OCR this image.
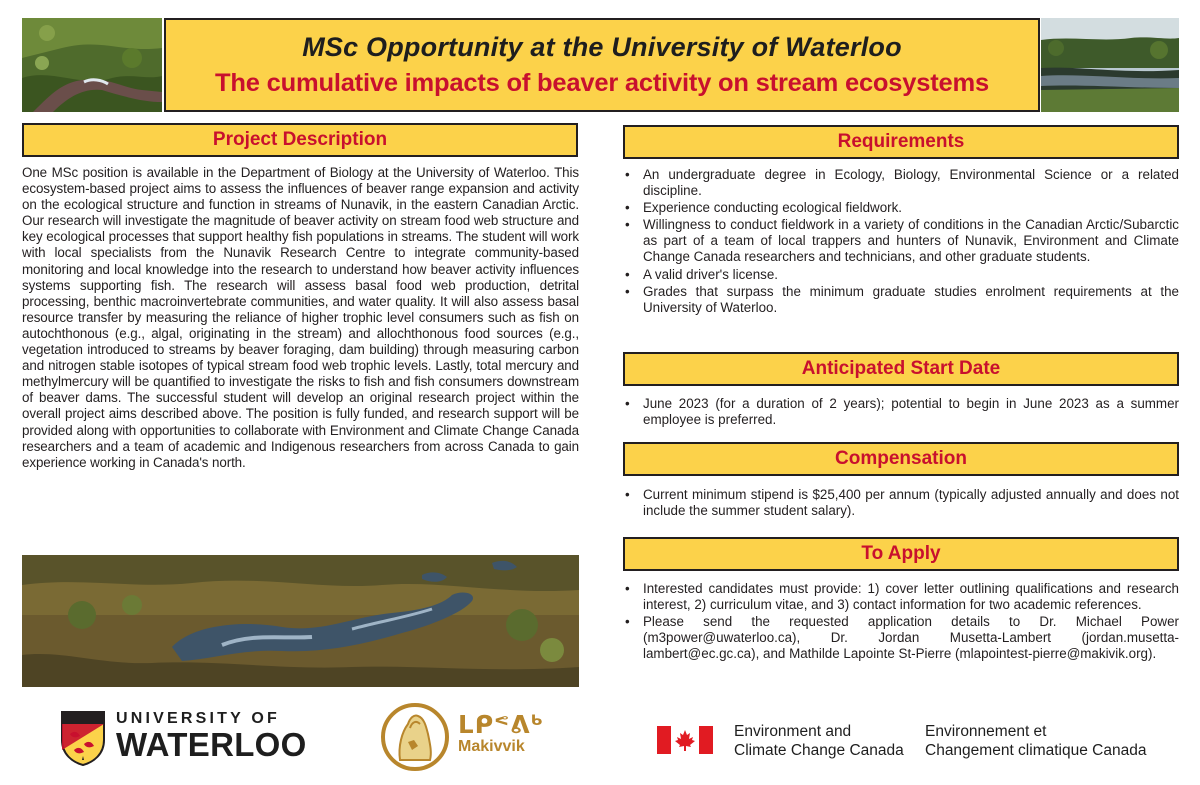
MSc Opportunity at the University of Waterloo
The cumulative impacts of beaver activity on stream ecosystems
Project Description

One MSc position is available in the Department of Biology at the University of Waterloo. This ecosystem-based project aims to assess the influences of beaver range expansion and activity on the ecological structure and function in streams of Nunavik, in the eastern Canadian Arctic. Our research will investigate the magnitude of beaver activity on stream food web structure and key ecological processes that support healthy fish populations in streams. The student will work with local specialists from the Nunavik Research Centre to integrate community-based monitoring and local knowledge into the research to understand how beaver activity influences systems supporting fish. The research will assess basal food web production, detrital processing, benthic macroinvertebrate communities, and water quality. It will also assess basal resource transfer by measuring the reliance of higher trophic level consumers such as fish on autochthonous (e.g., algal, originating in the stream) and allochthonous food sources (e.g., vegetation introduced to streams by beaver foraging, dam building) through measuring carbon and nitrogen stable isotopes of typical stream food web trophic levels. Lastly, total mercury and methylmercury will be quantified to investigate the risks to fish and fish consumers downstream of beaver dams. The successful student will develop an original research project within the overall project aims described above. The position is fully funded, and research support will be provided along with opportunities to collaborate with Environment and Climate Change Canada researchers and a team of academic and Indigenous researchers from across Canada to gain experience working in Canada's north.

UNIVERSITY OF
WATERLOO
ᒪᑭᕝᕕᒃ
Makivvik
Requirements
• An undergraduate degree in Ecology, Biology, Environmental Science or a related discipline.
• Experience conducting ecological fieldwork.
• Willingness to conduct fieldwork in a variety of conditions in the Canadian Arctic/Subarctic as part of a team of local trappers and hunters of Nunavik, Environment and Climate Change Canada researchers and technicians, and other graduate students.
• A valid driver's license.
• Grades that surpass the minimum graduate studies enrolment requirements at the University of Waterloo.
Anticipated Start Date
• June 2023 (for a duration of 2 years); potential to begin in June 2023 as a summer employee is preferred.
Compensation
• Current minimum stipend is $25,400 per annum (typically adjusted annually and does not include the summer student salary).
To Apply
• Interested candidates must provide: 1) cover letter outlining qualifications and research interest, 2) curriculum vitae, and 3) contact information for two academic references.
• Please send the requested application details to Dr. Michael Power (m3power@uwaterloo.ca), Dr. Jordan Musetta-Lambert (jordan.musetta-lambert@ec.gc.ca), and Mathilde Lapointe St-Pierre (mlapointest-pierre@makivik.org).
Environment and
Climate Change Canada
Environnement et
Changement climatique Canada
